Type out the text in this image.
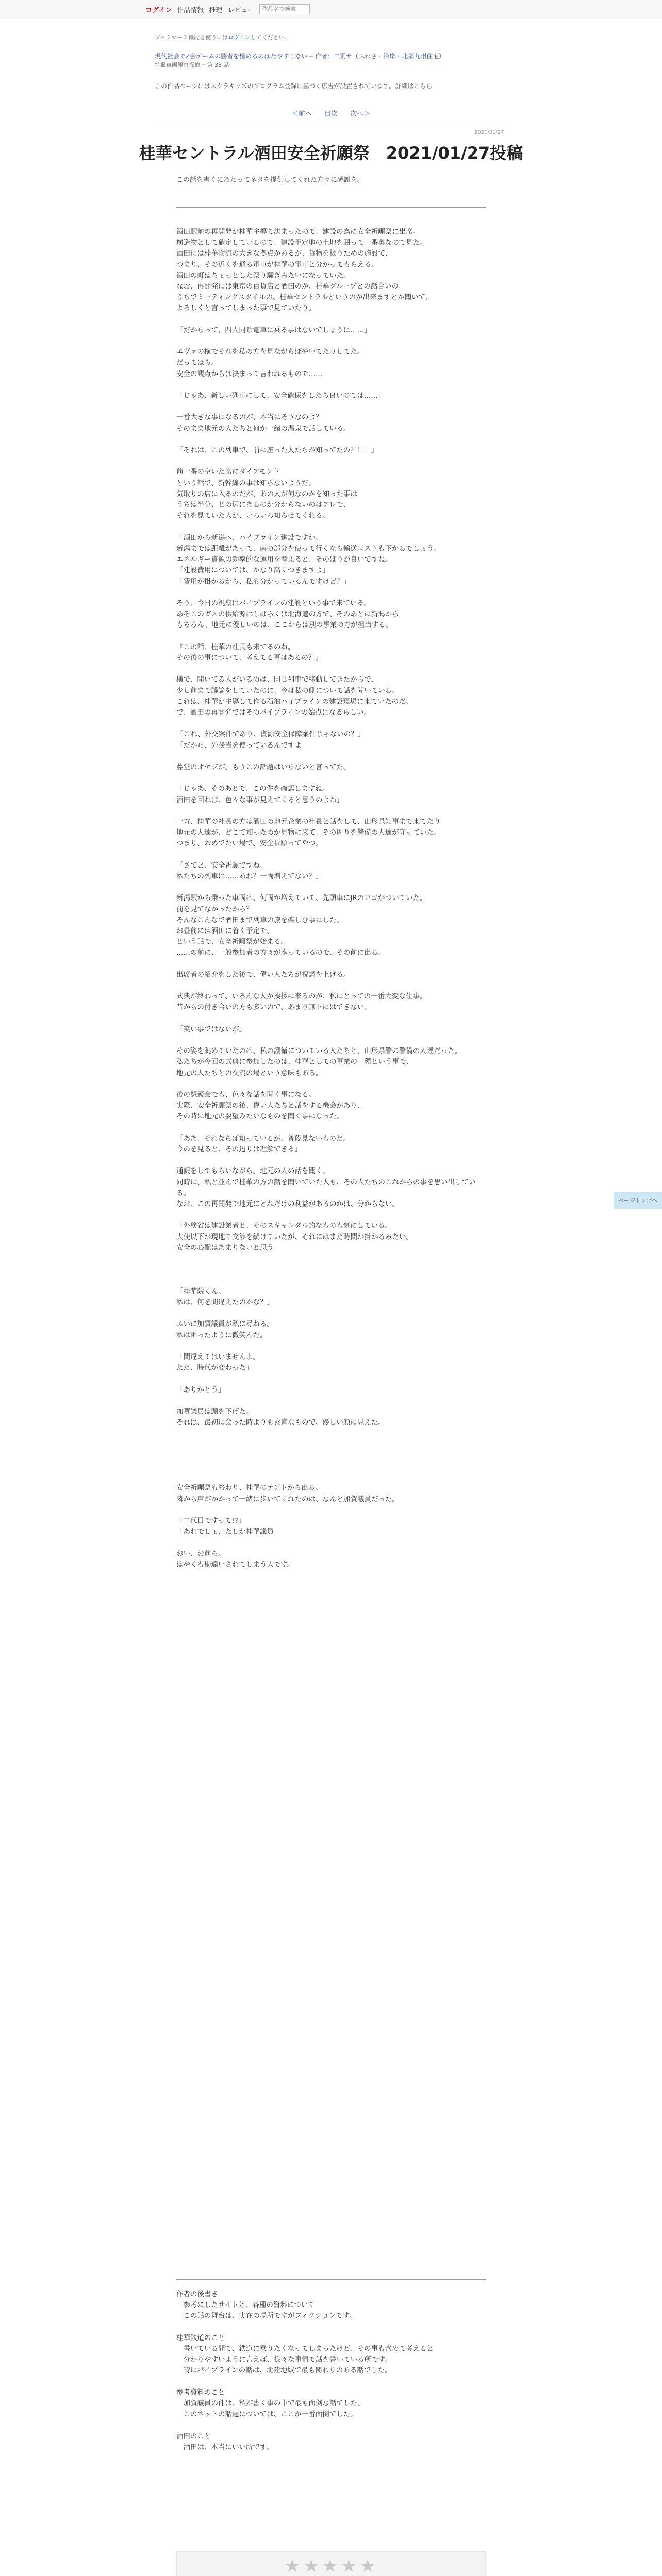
ログイン 作品情報 推理 レビュー
作品名で検索
ブックマーク機能を使うにはログインしてください。
現代社会でZ会ゲームの勝者を極めるのはたやすくない ─ 作者：二羽サ（ふわさ・沿岸・北部九州住宅）
特撮車両観察探偵 ─ 第 38 話
この作品ページにはスクラキッズのプログラム登録に基づく広告が設置されています。詳細はこちら
＜前へ 目次 次へ＞
2021/01/27
桂華セントラル酒田安全祈願祭　2021/01/27投稿
この話を書くにあたってネタを提供してくれた方々に感謝を。
酒田駅前の再開発が桂華主導で決まったので、建設の為に安全祈願祭に出席。
構造物として確定しているので、建設予定地の土地を囲って一番奥なので見た。
酒田には桂華物流の大きな拠点があるが、貨物を扱うための施設で、
つまり、その近くを通る電車が桂華の電車と分かってもらえる。
酒田の町はちょっとした祭り騒ぎみたいになっていた。
なお、再開発には東京の百貨店と酒田のが、桂華グループとの話合いの
うちでミーティングスタイルの、桂華セントラルというのが出来ますとか聞いて、
よろしくと言ってしまった事で見ていたり。

「だからって、四人同じ電車に乗る事はないでしょうに……」

エヴァの横でそれを私の方を見ながらぼやいてたりしてた。
だってほら。
安全の観点からは決まって言われるもので……

「じゃあ、新しい列車にして、安全確保をしたら良いのでは……」

一番大きな事になるのが、本当にそうなのよ？
そのまま地元の人たちと何か一緒の温泉で話している。

「それは、この列車で、前に座った人たちが知ってたの？！！」

前一番の空いた席にダイアモンド
という話で、新幹線の事は知らないようだ。
気取りの店に入るのだが、あの人が何なのかを知った事は
うちは半分、どの辺にあるのか分からないのはアレで、
それを見ていた人が、いろいろ知らせてくれる。

「酒田から新潟へ、パイプライン建設ですか。
新潟までは距離があって、南の部分を使って行くなら輸送コストも下がるでしょう。
エネルギー資源の効率的な運用を考えると、そのほうが良いですね。
「建設費用については、かなり高くつきますよ」
「費用が掛かるから、私も分かっているんですけど？」

そう、今日の視察はパイプラインの建設という事で来ている。
あそこのガスの供給源はしばらくは北海道の方で、そのあとに新潟から
もちろん、地元に優しいのは、ここからは別の事業の方が担当する。

『この話、桂華の社長も来てるのね。
その後の事について、考えてる事はあるの？』

横で、聞いてる人がいるのは、同じ列車で移動してきたからで、
少し前まで議論をしていたのに、今は私の側について話を聞いている。
これは、桂華が主導して作る石油パイプラインの建設現場に来ていたのだ。
で、酒田の再開発ではそのパイプラインの始点になるらしい。

「これ、外交案件であり、資源安全保障案件じゃないの？」
「だから、外務省を使っているんですよ」

藤堂のオヤジが、もうこの話題はいらないと言ってた。

「じゃあ、そのあとで、この件を確認しますね。
酒田を回れば、色々な事が見えてくると思うのよね」

一方、桂華の社長の方は酒田の地元企業の社長と話をして、山形県知事まで来てたり
地元の人達が、どこで知ったのか見物に来て、その周りを警備の人達が守っていた。
つまり、おめでたい場で、安全祈願ってやつ。

「さてと、安全祈願ですね。
私たちの列車は……あれ？一両増えてない？」

新潟駅から乗った車両は、何両か増えていて、先頭車にJRのロゴがついていた。
前を見てなかったから？
そんなこんなで酒田まで列車の旅を楽しむ事にした。
お昼前には酒田に着く予定で、
という話で、安全祈願祭が始まる。
……の前に、一般参加者の方々が座っているので、その前に出る。

出席者の紹介をした後で、偉い人たちが祝詞を上げる。

式典が終わって、いろんな人が挨拶に来るのが、私にとっての一番大変な仕事。
昔からの付き合いの方も多いので、あまり無下にはできない。

「笑い事ではないが」

その姿を眺めていたのは、私の護衛についている人たちと、山形県警の警備の人達だった。
私たちが今回の式典に参加したのは、桂華としての事業の一環という事で、
地元の人たちとの交流の場という意味もある。

後の懇親会でも、色々な話を聞く事になる。
実際、安全祈願祭の後、偉い人たちと話をする機会があり、
その時に地元の要望みたいなものを聞く事になった。

「ああ、それならば知っているが、普段見ないものだ。
今のを見ると、その辺りは理解できる」

通訳をしてもらいながら、地元の人の話を聞く。
同時に、私と並んで桂華の方の話を聞いていた人も、その人たちのこれからの事を思い出している。
なお、この再開発で地元にどれだけの利益があるのかは、分からない。

「外務省は建設業者と、そのスキャンダル的なものも気にしている。
大使以下が現地で交渉を続けていたが、それにはまだ時間が掛かるみたい。
安全の心配はあまりないと思う」

「桂華院くん。
私は、何を間違えたのかな？」

ふいに加賀議員が私に尋ねる。
私は困ったように微笑んだ。

「間違えてはいませんよ。
ただ、時代が変わった」

「ありがとう」

加賀議員は頭を下げた。
それは、最初に会った時よりも素直なもので、優しい顔に見えた。

安全祈願祭も終わり、桂華のテントから出る。
隣から声がかかって一緒に歩いてくれたのは、なんと加賀議員だった。

「二代目ですって!?」
「あれでしょ、たしか桂華議員」

おい、お前ら。
はやくも勘違いされてしまう人です。
作者の後書き
　参考にしたサイトと、各種の資料について
　この話の舞台は、実在の場所ですがフィクションです。

桂華鉄道のこと
　書いている間で、鉄道に乗りたくなってしまったけど、その事も含めて考えると
　分かりやすいように言えば、様々な事情で話を書いている所です。
　特にパイプラインの話は、北陸地域で最も関わりのある話でした。

参考資料のこと
　加賀議員の件は、私が書く事の中で最も面倒な話でした。
　このネットの話題については、ここが一番面倒でした。

酒田のこと
　酒田は、本当にいい所です。
ページトップへ
★★★★★
